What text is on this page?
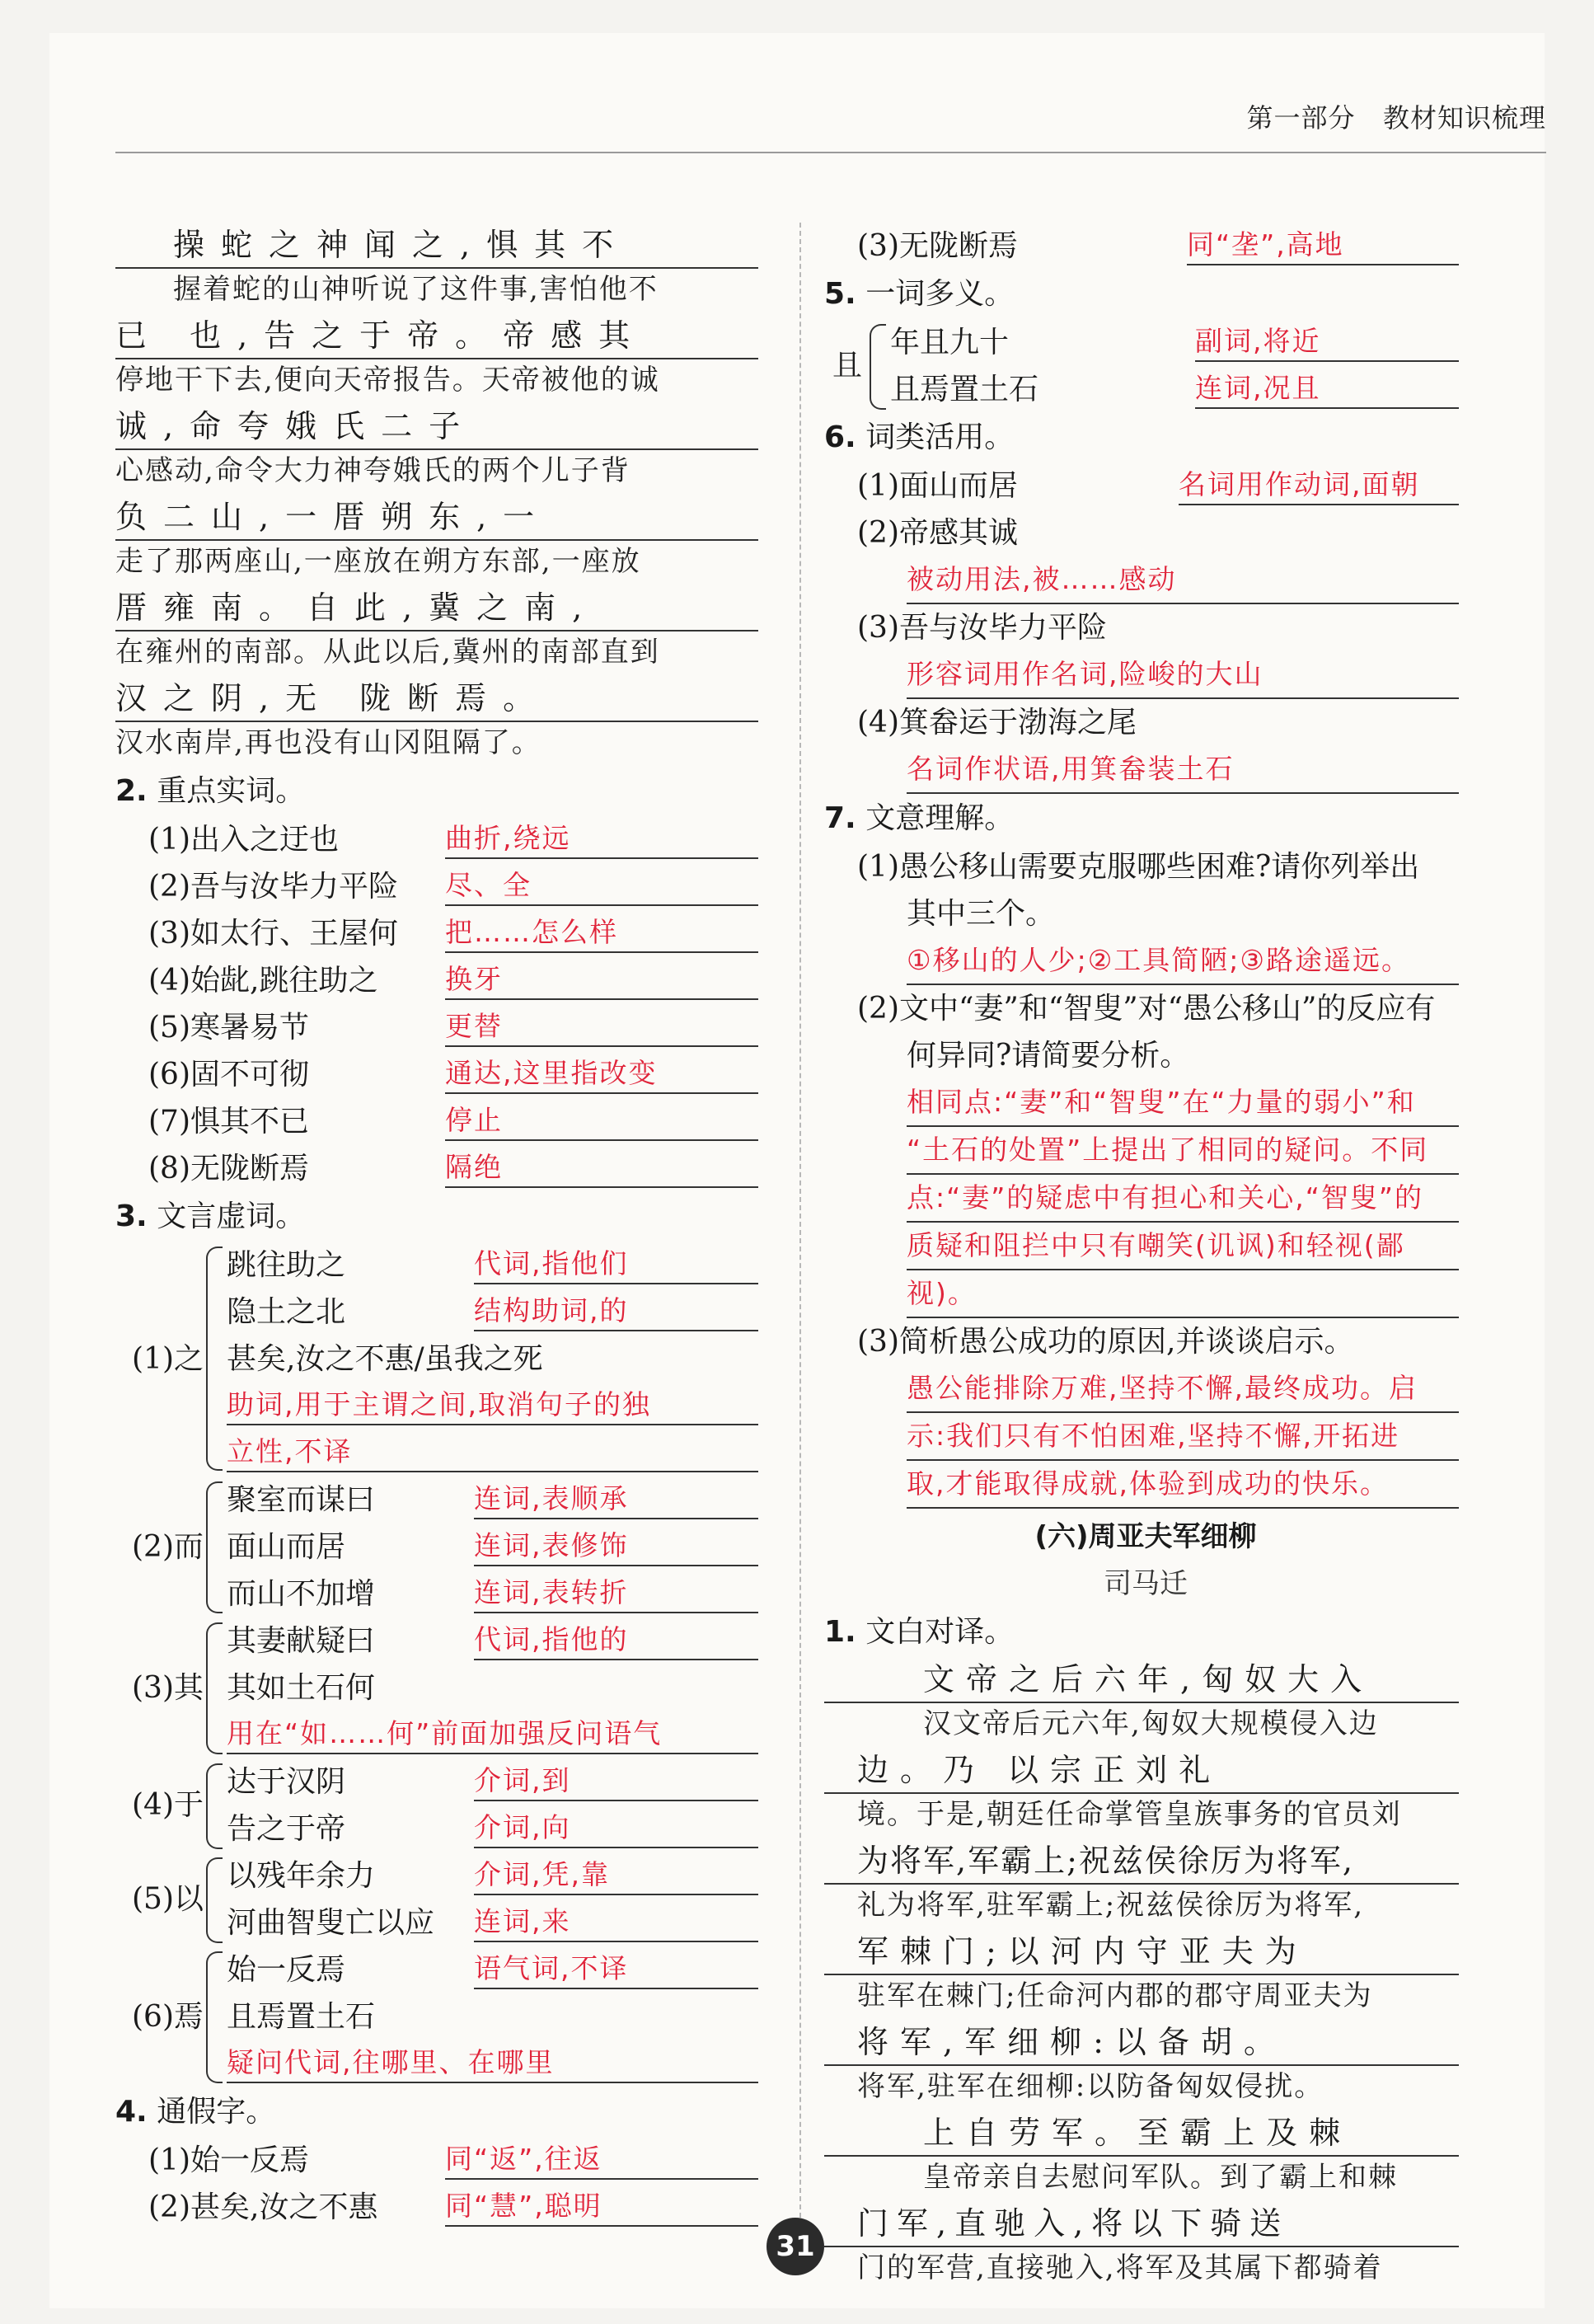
第一部分 教材知识梳理
操蛇之神闻之,惧其不
握着蛇的山神听说了这件事,害怕他不
已 也,告之于帝。帝感其
停地干下去,便向天帝报告。天帝被他的诚
诚,命夸娥氏二子
心感动,命令大力神夸娥氏的两个儿子背
负二山,一厝朔东,一
走了那两座山,一座放在朔方东部,一座放
厝雍南。自此,冀之南,
在雍州的南部。从此以后,冀州的南部直到
汉之阴,无 陇断焉。
汉水南岸,再也没有山冈阻隔了。
2. 重点实词。
(1)出入之迂也	曲折,绕远
(2)吾与汝毕力平险 尽、全
(3)如太行、王屋何 把……怎么样
(4)始龀,跳往助之 换牙
(5)寒暑易节	更替
(6)固不可彻	通达,这里指改变
(7)惧其不已	停止
(8)无陇断焉	隔绝
3. 文言虚词。
(1)之
跳往助之	代词,指他们
隐土之北	结构助词,的
甚矣,汝之不惠/虽我之死
助词,用于主谓之间,取消句子的独
立性,不译
(2)而
聚室而谋曰	连词,表顺承
面山而居	连词,表修饰
而山不加增	连词,表转折
(3)其
其妻献疑曰	代词,指他的
其如土石何
用在“如……何”前面加强反问语气
(4)于
达于汉阴	介词,到
告之于帝	介词,向
(5)以
以残年余力	介词,凭,靠
河曲智叟亡以应 连词,来
(6)焉
始一反焉	语气词,不译
且焉置土石
疑问代词,往哪里、在哪里
4. 通假字。
(1)始一反焉	同“返”,往返
(2)甚矣,汝之不惠 同“慧”,聪明
(3)无陇断焉	同“垄”,高地
5. 一词多义。
且
年且九十	副词,将近
且焉置土石	连词,况且
6. 词类活用。
(1)面山而居	名词用作动词,面朝
(2)帝感其诚
被动用法,被……感动
(3)吾与汝毕力平险
形容词用作名词,险峻的大山
(4)箕畚运于渤海之尾
名词作状语,用箕畚装土石
7. 文意理解。
(1)愚公移山需要克服哪些困难?请你列举出
其中三个。
①移山的人少;②工具简陋;③路途遥远。
(2)文中“妻”和“智叟”对“愚公移山”的反应有
何异同?请简要分析。
相同点:“妻”和“智叟”在“力量的弱小”和
“土石的处置”上提出了相同的疑问。不同
点:“妻”的疑虑中有担心和关心,“智叟”的
质疑和阻拦中只有嘲笑(讥讽)和轻视(鄙
视)。
(3)简析愚公成功的原因,并谈谈启示。
愚公能排除万难,坚持不懈,最终成功。启
示:我们只有不怕困难,坚持不懈,开拓进
取,才能取得成就,体验到成功的快乐。
(六)周亚夫军细柳
司马迁
1. 文白对译。
文帝之后六年,匈奴大入
汉文帝后元六年,匈奴大规模侵入边
边。乃 以宗正刘礼
境。于是,朝廷任命掌管皇族事务的官员刘
为将军,军霸上;祝兹侯徐厉为将军,
礼为将军,驻军霸上;祝兹侯徐厉为将军,
军棘门;以河内守亚夫为
驻军在棘门;任命河内郡的郡守周亚夫为
将军,军细柳:以备胡。
将军,驻军在细柳:以防备匈奴侵扰。
上自劳军。至霸上及棘
皇帝亲自去慰问军队。到了霸上和棘
门军,直驰入,将以下骑送
门的军营,直接驰入,将军及其属下都骑着
31
